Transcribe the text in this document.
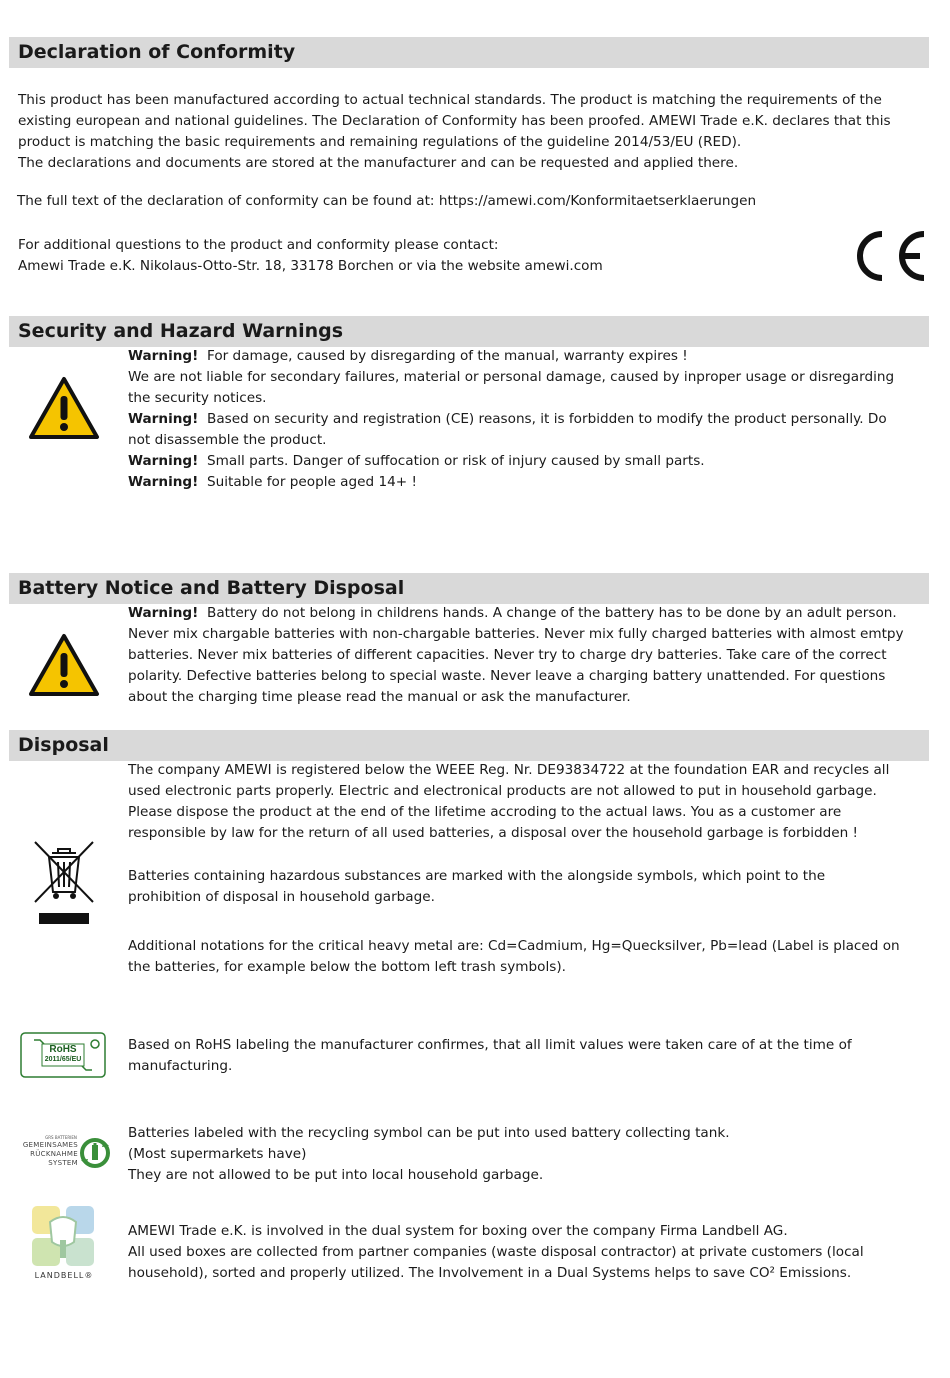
Declaration of Conformity
This product has been manufactured according to actual technical standards. The product is matching the requirements of the
existing european and national guidelines. The Declaration of Conformity has been proofed. AMEWI Trade e.K. declares that this
product is matching the basic requirements and remaining regulations of the guideline 2014/53/EU (RED).
The declarations and documents are stored at the manufacturer and can be requested and applied there.
The full text of the declaration of conformity can be found at: https://amewi.com/Konformitaetserklaerungen
For additional questions to the product and conformity please contact:
Amewi Trade e.K. Nikolaus-Otto-Str. 18, 33178 Borchen or via the website amewi.com
Security and Hazard Warnings
Warning! For damage, caused by disregarding of the manual, warranty expires !
We are not liable for secondary failures, material or personal damage, caused by inproper usage or disregarding
the security notices.
Warning! Based on security and registration (CE) reasons, it is forbidden to modify the product personally. Do
not disassemble the product.
Warning! Small parts. Danger of suffocation or risk of injury caused by small parts.
Warning! Suitable for people aged 14+ !
Battery Notice and Battery Disposal
Warning! Battery do not belong in childrens hands. A change of the battery has to be done by an adult person.
Never mix chargable batteries with non-chargable batteries. Never mix fully charged batteries with almost emtpy
batteries. Never mix batteries of different capacities. Never try to charge dry batteries. Take care of the correct
polarity. Defective batteries belong to special waste. Never leave a charging battery unattended. For questions
about the charging time please read the manual or ask the manufacturer.
Disposal
The company AMEWI is registered below the WEEE Reg. Nr. DE93834722 at the foundation EAR and recycles all
used electronic parts properly. Electric and electronical products are not allowed to put in household garbage.
Please dispose the product at the end of the lifetime accroding to the actual laws. You as a customer are
responsible by law for the return of all used batteries, a disposal over the household garbage is forbidden !
Batteries containing hazardous substances are marked with the alongside symbols, which point to the
prohibition of disposal in household garbage.
Additional notations for the critical heavy metal are: Cd=Cadmium, Hg=Quecksilver, Pb=lead (Label is placed on
the batteries, for example below the bottom left trash symbols).
RoHS
2011/65/EU
Based on RoHS labeling the manufacturer confirmes, that all limit values were taken care of at the time of
manufacturing.
GRS BATTERIEN
GEMEINSAMES
RÜCKNAHME
SYSTEM
Batteries labeled with the recycling symbol can be put into used battery collecting tank.
(Most supermarkets have)
They are not allowed to be put into local household garbage.
LANDBELL®
AMEWI Trade e.K. is involved in the dual system for boxing over the company Firma Landbell AG.
All used boxes are collected from partner companies (waste disposal contractor) at private customers (local
household), sorted and properly utilized. The Involvement in a Dual Systems helps to save CO² Emissions.
